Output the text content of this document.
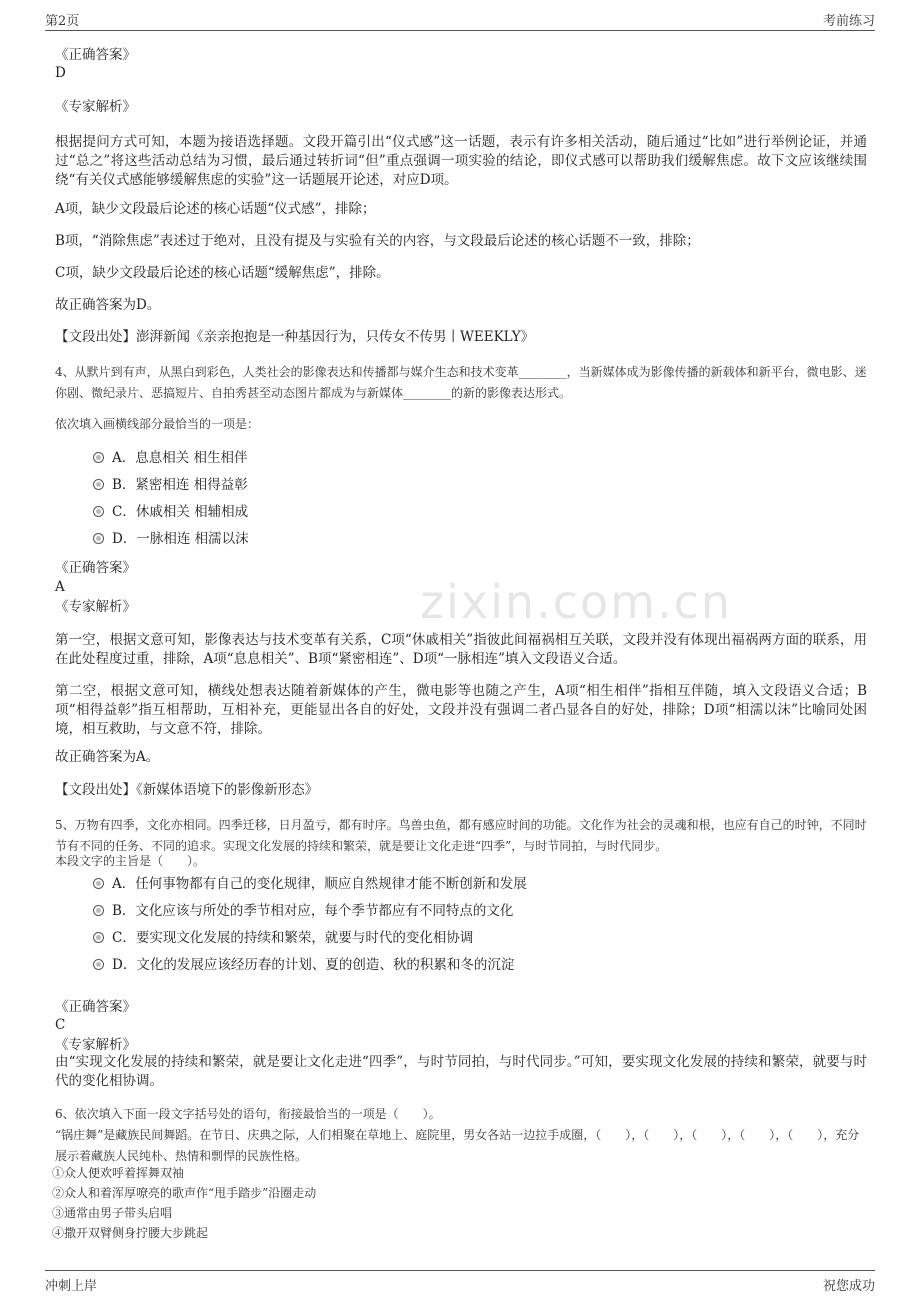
第2页	考前练习
zixin.com.cn
《正确答案》
D
《专家解析》
根据提问方式可知，本题为接语选择题。文段开篇引出“仪式感”这一话题，表示有许多相关活动，随后通过“比如”进行举例论证，并通过“总之”将这些活动总结为习惯，最后通过转折词“但”重点强调一项实验的结论，即仪式感可以帮助我们缓解焦虑。故下文应该继续围绕“有关仪式感能够缓解焦虑的实验”这一话题展开论述，对应D项。
A项，缺少文段最后论述的核心话题“仪式感”，排除；
B项，“消除焦虑”表述过于绝对，且没有提及与实验有关的内容，与文段最后论述的核心话题不一致，排除；
C项，缺少文段最后论述的核心话题“缓解焦虑”，排除。
故正确答案为D。
【文段出处】澎湃新闻《亲亲抱抱是一种基因行为，只传女不传男丨WEEKLY》
4、从默片到有声，从黑白到彩色，人类社会的影像表达和传播都与媒介生态和技术变革________，当新媒体成为影像传播的新载体和新平台，微电影、迷你剧、微纪录片、恶搞短片、自拍秀甚至动态图片都成为与新媒体________的新的影像表达形式。
依次填入画横线部分最恰当的一项是：
A．息息相关 相生相伴
B．紧密相连 相得益彰
C．休戚相关 相辅相成
D．一脉相连 相濡以沫
《正确答案》
A
《专家解析》
第一空，根据文意可知，影像表达与技术变革有关系，C项“休戚相关”指彼此间福祸相互关联，文段并没有体现出福祸两方面的联系，用在此处程度过重，排除，A项“息息相关”、B项“紧密相连”、D项“一脉相连”填入文段语义合适。
第二空，根据文意可知，横线处想表达随着新媒体的产生，微电影等也随之产生，A项“相生相伴”指相互伴随，填入文段语义合适；B项“相得益彰”指互相帮助，互相补充，更能显出各自的好处，文段并没有强调二者凸显各自的好处，排除；D项“相濡以沫”比喻同处困境，相互救助，与文意不符，排除。
故正确答案为A。
【文段出处】《新媒体语境下的影像新形态》
5、万物有四季，文化亦相同。四季迁移，日月盈亏，都有时序。鸟兽虫鱼，都有感应时间的功能。文化作为社会的灵魂和根，也应有自己的时钟，不同时节有不同的任务、不同的追求。实现文化发展的持续和繁荣，就是要让文化走进“四季”，与时节同拍，与时代同步。
本段文字的主旨是（　　）。
A．任何事物都有自己的变化规律，顺应自然规律才能不断创新和发展
B．文化应该与所处的季节相对应，每个季节都应有不同特点的文化
C．要实现文化发展的持续和繁荣，就要与时代的变化相协调
D．文化的发展应该经历春的计划、夏的创造、秋的积累和冬的沉淀
《正确答案》
C
《专家解析》
由“实现文化发展的持续和繁荣，就是要让文化走进“四季”，与时节同拍，与时代同步。”可知，要实现文化发展的持续和繁荣，就要与时代的变化相协调。
6、依次填入下面一段文字括号处的语句，衔接最恰当的一项是（　　）。
“锅庄舞”是藏族民间舞蹈。在节日、庆典之际，人们相聚在草地上、庭院里，男女各站一边拉手成圈，（　　），（　　），（　　），（　　），（　　），充分展示着藏族人民纯朴、热情和剽悍的民族性格。
①众人便欢呼着挥舞双袖
②众人和着浑厚嘹亮的歌声作“甩手踏步”沿圈走动
③通常由男子带头启唱
④撒开双臂侧身拧腰大步跳起
冲刺上岸	祝您成功
